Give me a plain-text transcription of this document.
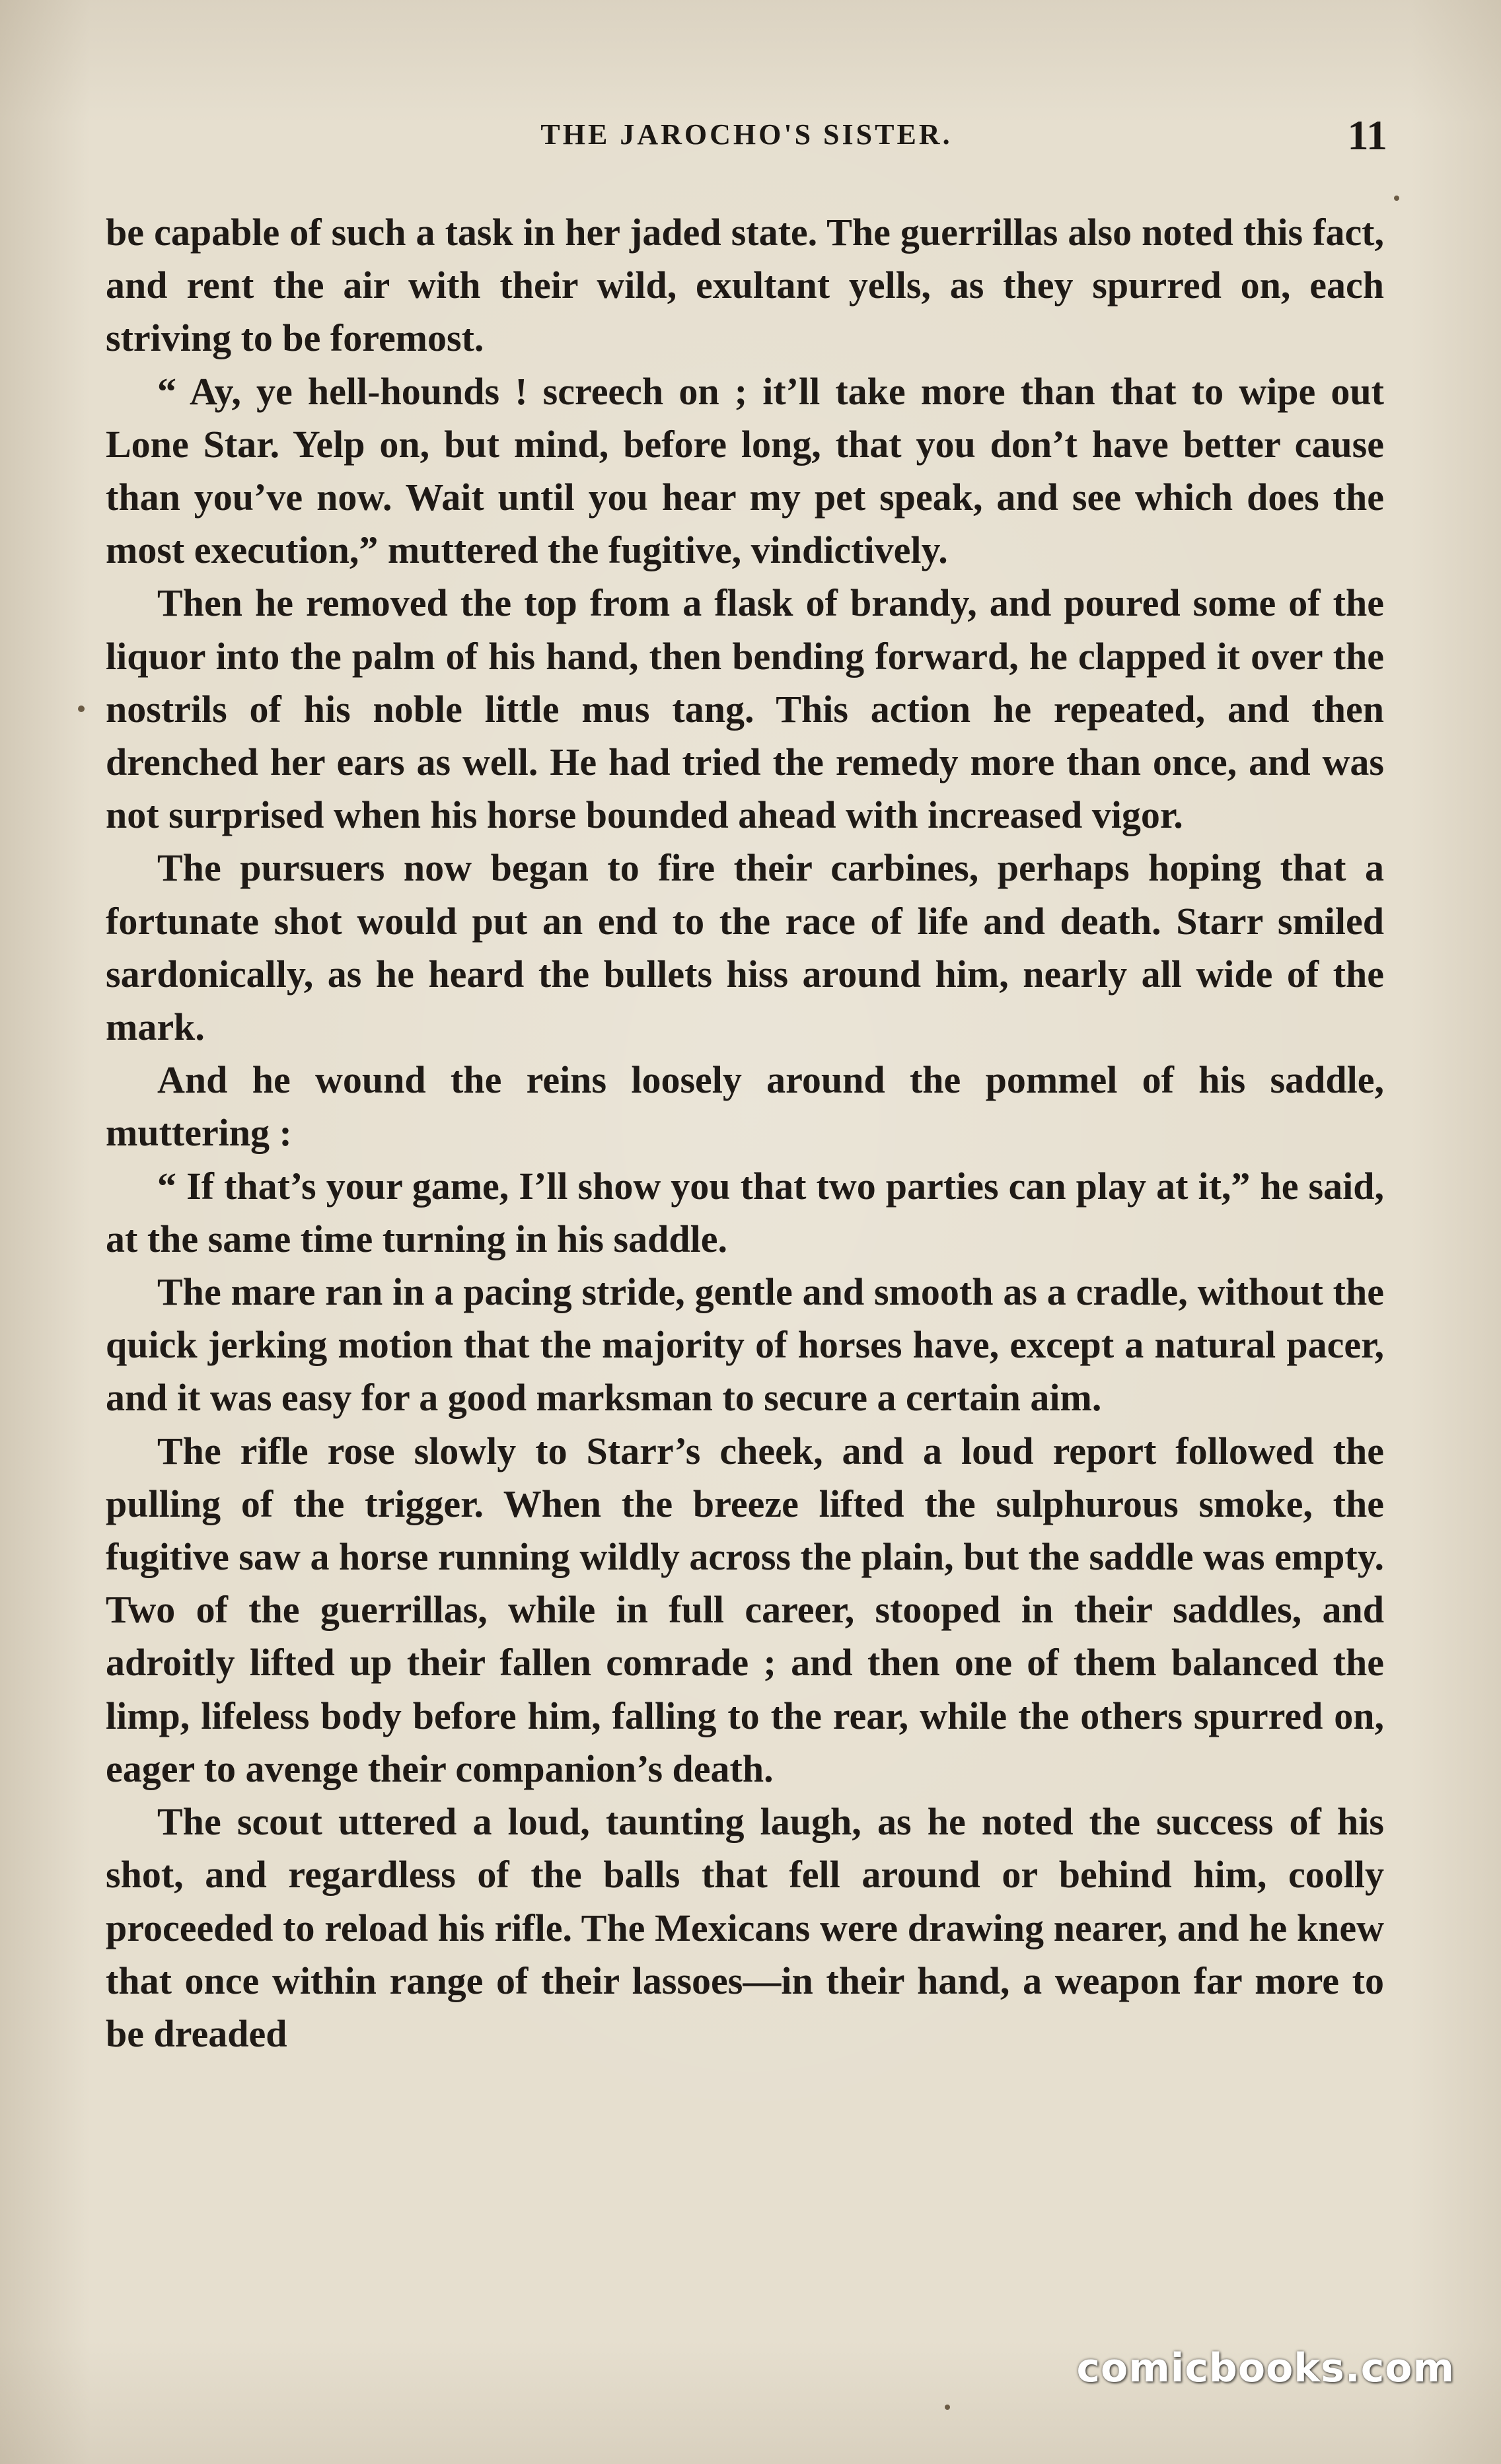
THE JAROCHO'S SISTER.	11

be capable of such a task in her jaded state. The guerrillas also noted this fact, and rent the air with their wild, exultant yells, as they spurred on, each striving to be foremost.

“ Ay, ye hell-hounds ! screech on ; it’ll take more than that to wipe out Lone Star. Yelp on, but mind, before long, that you don’t have better cause than you’ve now. Wait until you hear my pet speak, and see which does the most execution,” muttered the fugitive, vindictively.

Then he removed the top from a flask of brandy, and poured some of the liquor into the palm of his hand, then bending forward, he clapped it over the nostrils of his noble little mus tang. This action he repeated, and then drenched her ears as well. He had tried the remedy more than once, and was not surprised when his horse bounded ahead with increased vigor.

The pursuers now began to fire their carbines, perhaps hoping that a fortunate shot would put an end to the race of life and death. Starr smiled sardonically, as he heard the bullets hiss around him, nearly all wide of the mark.

And he wound the reins loosely around the pommel of his saddle, muttering :

“ If that’s your game, I’ll show you that two parties can play at it,” he said, at the same time turning in his saddle.

The mare ran in a pacing stride, gentle and smooth as a cradle, without the quick jerking motion that the majority of horses have, except a natural pacer, and it was easy for a good marksman to secure a certain aim.

The rifle rose slowly to Starr’s cheek, and a loud report followed the pulling of the trigger. When the breeze lifted the sulphurous smoke, the fugitive saw a horse running wildly across the plain, but the saddle was empty. Two of the guerrillas, while in full career, stooped in their saddles, and adroitly lifted up their fallen comrade ; and then one of them balanced the limp, lifeless body before him, falling to the rear, while the others spurred on, eager to avenge their companion’s death.

The scout uttered a loud, taunting laugh, as he noted the success of his shot, and regardless of the balls that fell around or behind him, coolly proceeded to reload his rifle. The Mexicans were drawing nearer, and he knew that once within range of their lassoes—in their hand, a weapon far more to be dreaded

comicbooks.com
